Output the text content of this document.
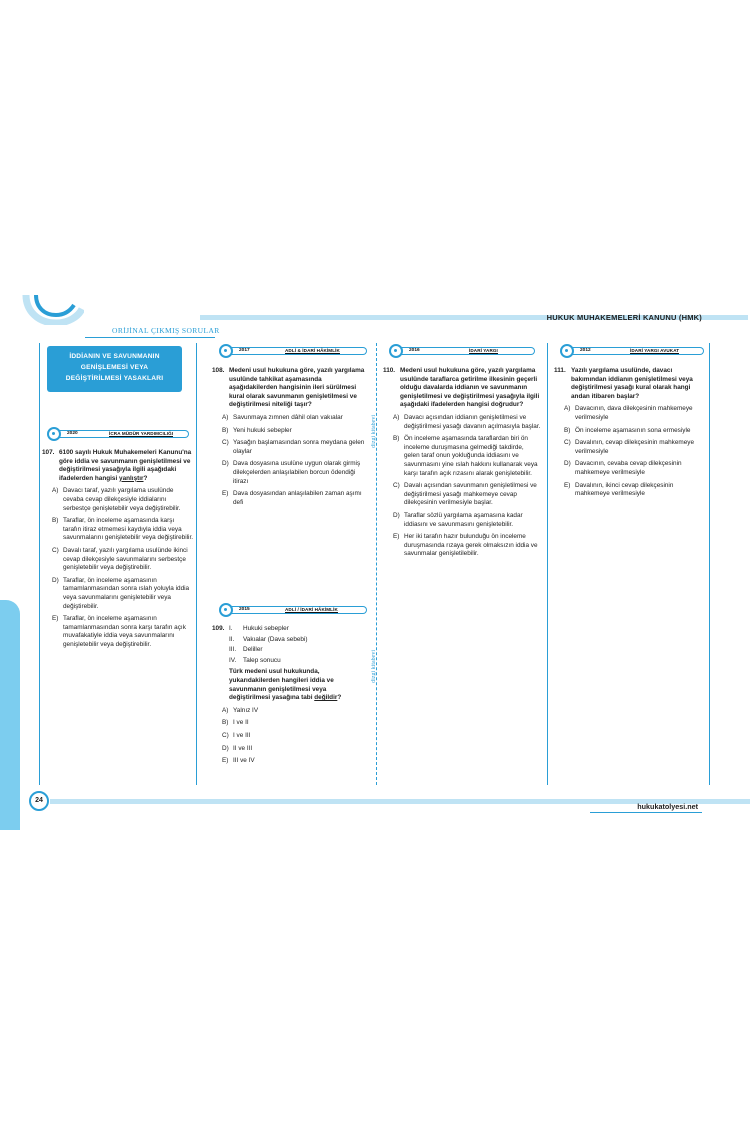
HUKUK MUHAKEMELERİ KANUNU (HMK)
ORİJİNAL ÇIKMIŞ SORULAR
dizgi kitabevi
dizgi kitabevi
İDDİANIN VE SAVUNMANIN
GENİŞLEMESİ VEYA
DEĞİŞTİRİLMESİ YASAKLARI
2020	İCRA MÜDÜR YARDIMCILIĞI
107. 6100 sayılı Hukuk Muhakemeleri Kanunu'na göre iddia ve savunmanın genişletilmesi ve değiştirilmesi yasağıyla ilgili aşağıdaki ifadelerden hangisi yanlıştır?
A) Davacı taraf, yazılı yargılama usulünde cevaba cevap dilekçesiyle iddialarını serbestçe genişletebilir veya değiştirebilir.
B) Taraflar, ön inceleme aşamasında karşı tarafın itiraz etmemesi kaydıyla iddia veya savunmalarını genişletebilir veya değiştirebilir.
C) Davalı taraf, yazılı yargılama usulünde ikinci cevap dilekçesiyle savunmalarını serbestçe genişletebilir veya değiştirebilir.
D) Taraflar, ön inceleme aşamasının tamamlanmasından sonra ıslah yoluyla iddia veya savunmalarını genişletebilir veya değiştirebilir.
E) Taraflar, ön inceleme aşamasının tamamlanmasından sonra karşı tarafın açık muvafakatiyle iddia veya savunmalarını genişletebilir veya değiştirebilir.
2017	ADLİ & İDARİ HÂKİMLİK
108. Medeni usul hukukuna göre, yazılı yargılama usulünde tahkikat aşamasında aşağıdakilerden hangisinin ileri sürülmesi kural olarak savunmanın genişletilmesi ve değiştirilmesi niteliği taşır?
A) Savunmaya zımnen dâhil olan vakıalar
B) Yeni hukuki sebepler
C) Yasağın başlamasından sonra meydana gelen olaylar
D) Dava dosyasına usulüne uygun olarak girmiş dilekçelerden anlaşılabilen borcun ödendiği itirazı
E) Dava dosyasından anlaşılabilen zaman aşımı defi
2015	ADLİ / İDARİ HÂKİMLİK
109. I.	Hukuki sebepler
II.	Vakıalar (Dava sebebi)
III.	Deliller
IV.	Talep sonucu
Türk medeni usul hukukunda, yukarıdakilerden hangileri iddia ve savunmanın genişletilmesi veya değiştirilmesi yasağına tabi değildir?
A) Yalnız IV
B) I ve II
C) I ve III
D) II ve III
E) III ve IV
2016	İDARİ YARGI
110. Medeni usul hukukuna göre, yazılı yargılama usulünde taraflarca getirilme ilkesinin geçerli olduğu davalarda iddianın ve savunmanın genişletilmesi ve değiştirilmesi yasağıyla ilgili aşağıdaki ifadelerden hangisi doğrudur?
A) Davacı açısından iddianın genişletilmesi ve değiştirilmesi yasağı davanın açılmasıyla başlar.
B) Ön inceleme aşamasında taraflardan biri ön inceleme duruşmasına gelmediği takdirde, gelen taraf onun yokluğunda iddiasını ve savunmasını yine ıslah hakkını kullanarak veya karşı tarafın açık rızasını alarak genişletebilir.
C) Davalı açısından savunmanın genişletilmesi ve değiştirilmesi yasağı mahkemeye cevap dilekçesinin verilmesiyle başlar.
D) Taraflar sözlü yargılama aşamasına kadar iddiasını ve savunmasını genişletebilir.
E) Her iki tarafın hazır bulunduğu ön inceleme duruşmasında rızaya gerek olmaksızın iddia ve savunmalar genişletilebilir.
2012	İDARİ YARGI AVUKAT
111. Yazılı yargılama usulünde, davacı bakımından iddianın genişletilmesi veya değiştirilmesi yasağı kural olarak hangi andan itibaren başlar?
A) Davacının, dava dilekçesinin mahkemeye verilmesiyle
B) Ön inceleme aşamasının sona ermesiyle
C) Davalının, cevap dilekçesinin mahkemeye verilmesiyle
D) Davacının, cevaba cevap dilekçesinin mahkemeye verilmesiyle
E) Davalının, ikinci cevap dilekçesinin mahkemeye verilmesiyle
24
hukukatolyesi.net
